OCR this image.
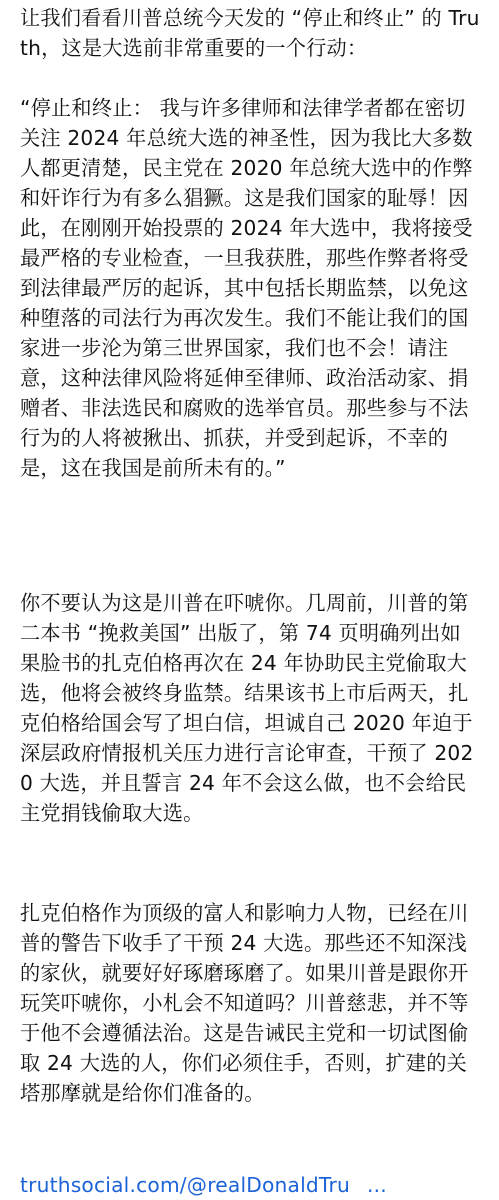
让我们看看川普总统今天发的 “停止和终止” 的 Truth，这是大选前非常重要的一个行动：

“停止和终止： 我与许多律师和法律学者都在密切关注 2024 年总统大选的神圣性，因为我比大多数人都更清楚，民主党在 2020 年总统大选中的作弊和奸诈行为有多么猖獗。这是我们国家的耻辱！因此，在刚刚开始投票的 2024 年大选中，我将接受最严格的专业检查，一旦我获胜，那些作弊者将受到法律最严厉的起诉，其中包括长期监禁，以免这种堕落的司法行为再次发生。我们不能让我们的国家进一步沦为第三世界国家，我们也不会！请注意，这种法律风险将延伸至律师、政治活动家、捐赠者、非法选民和腐败的选举官员。那些参与不法行为的人将被揪出、抓获，并受到起诉，不幸的是，这在我国是前所未有的。”

你不要认为这是川普在吓唬你。几周前，川普的第二本书 “挽救美国” 出版了，第 74 页明确列出如果脸书的扎克伯格再次在 24 年协助民主党偷取大选，他将会被终身监禁。结果该书上市后两天，扎克伯格给国会写了坦白信，坦诚自己 2020 年迫于深层政府情报机关压力进行言论审查，干预了 2020 大选，并且誓言 24 年不会这么做，也不会给民主党捐钱偷取大选。

扎克伯格作为顶级的富人和影响力人物，已经在川普的警告下收手了干预 24 大选。那些还不知深浅的家伙，就要好好琢磨琢磨了。如果川普是跟你开玩笑吓唬你，小札会不知道吗？川普慈悲，并不等于他不会遵循法治。这是告诫民主党和一切试图偷取 24 大选的人，你们必须住手，否则，扩建的关塔那摩就是给你们准备的。

truthsocial.com/@realDonaldTru ...
